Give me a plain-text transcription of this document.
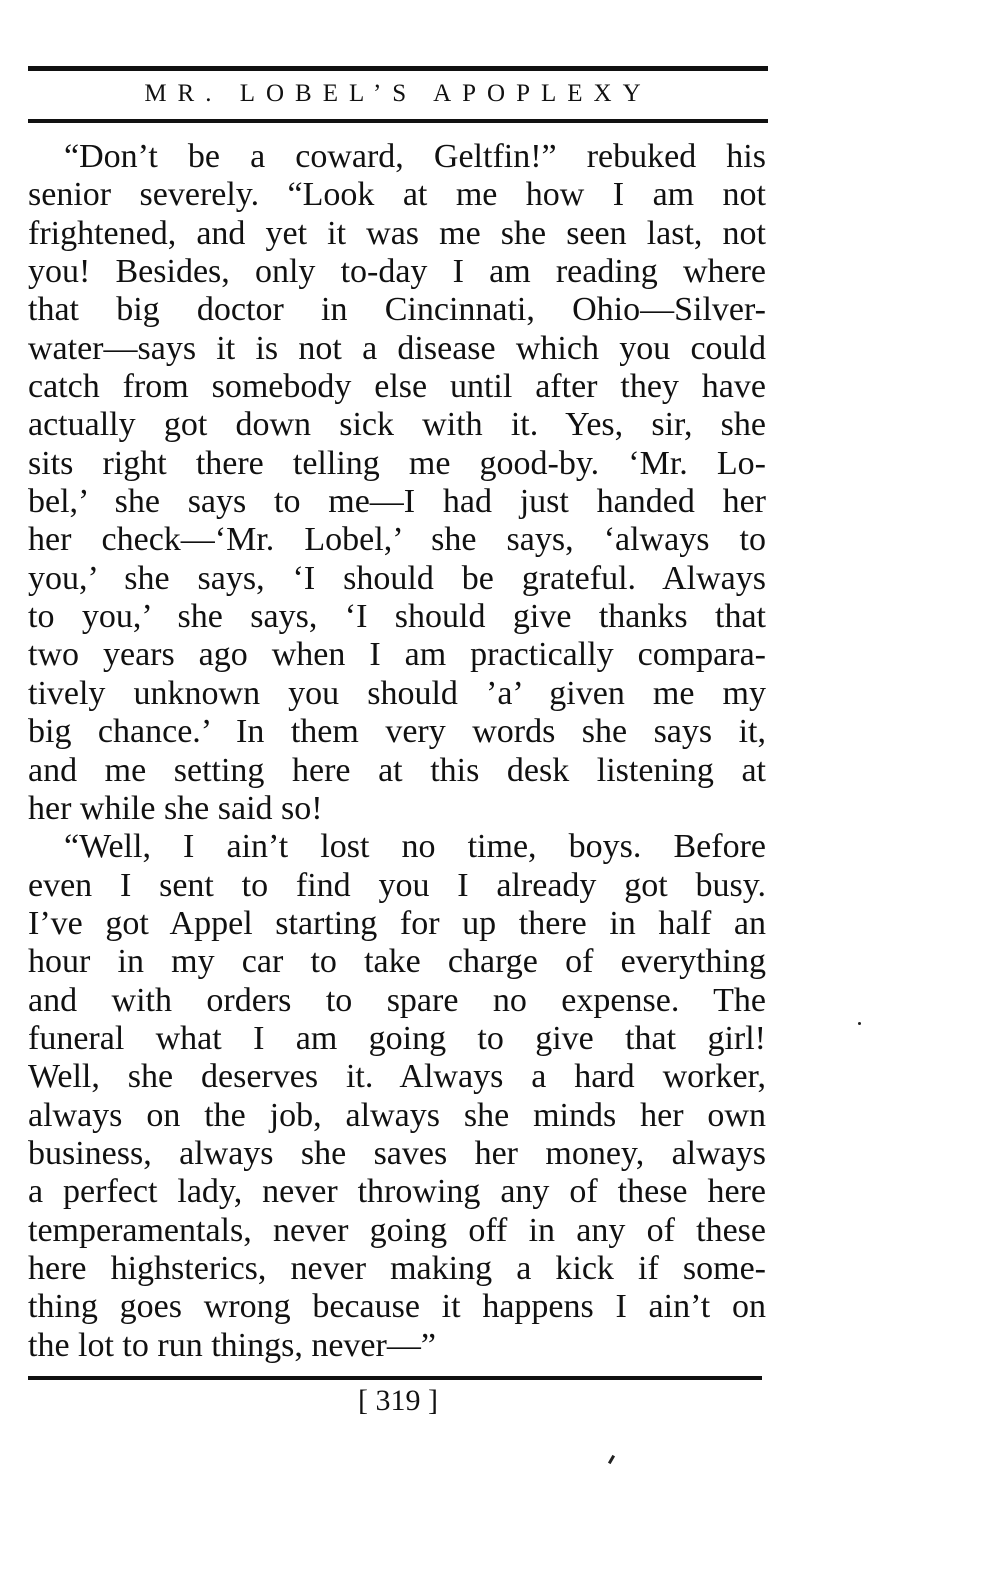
MR. LOBEL’S APOPLEXY
“Don’t be a coward, Geltfin!” rebuked his
senior severely. “Look at me how I am not
frightened, and yet it was me she seen last, not
you! Besides, only to-day I am reading where
that big doctor in Cincinnati, Ohio—Silver-
water—says it is not a disease which you could
catch from somebody else until after they have
actually got down sick with it. Yes, sir, she
sits right there telling me good-by. ‘Mr. Lo-
bel,’ she says to me—I had just handed her
her check—‘Mr. Lobel,’ she says, ‘always to
you,’ she says, ‘I should be grateful. Always
to you,’ she says, ‘I should give thanks that
two years ago when I am practically compara-
tively unknown you should ’a’ given me my
big chance.’ In them very words she says it,
and me setting here at this desk listening at
her while she said so!
“Well, I ain’t lost no time, boys. Before
even I sent to find you I already got busy.
I’ve got Appel starting for up there in half an
hour in my car to take charge of everything
and with orders to spare no expense. The
funeral what I am going to give that girl!
Well, she deserves it. Always a hard worker,
always on the job, always she minds her own
business, always she saves her money, always
a perfect lady, never throwing any of these here
temperamentals, never going off in any of these
here highsterics, never making a kick if some-
thing goes wrong because it happens I ain’t on
the lot to run things, never—”
[ 319 ]
